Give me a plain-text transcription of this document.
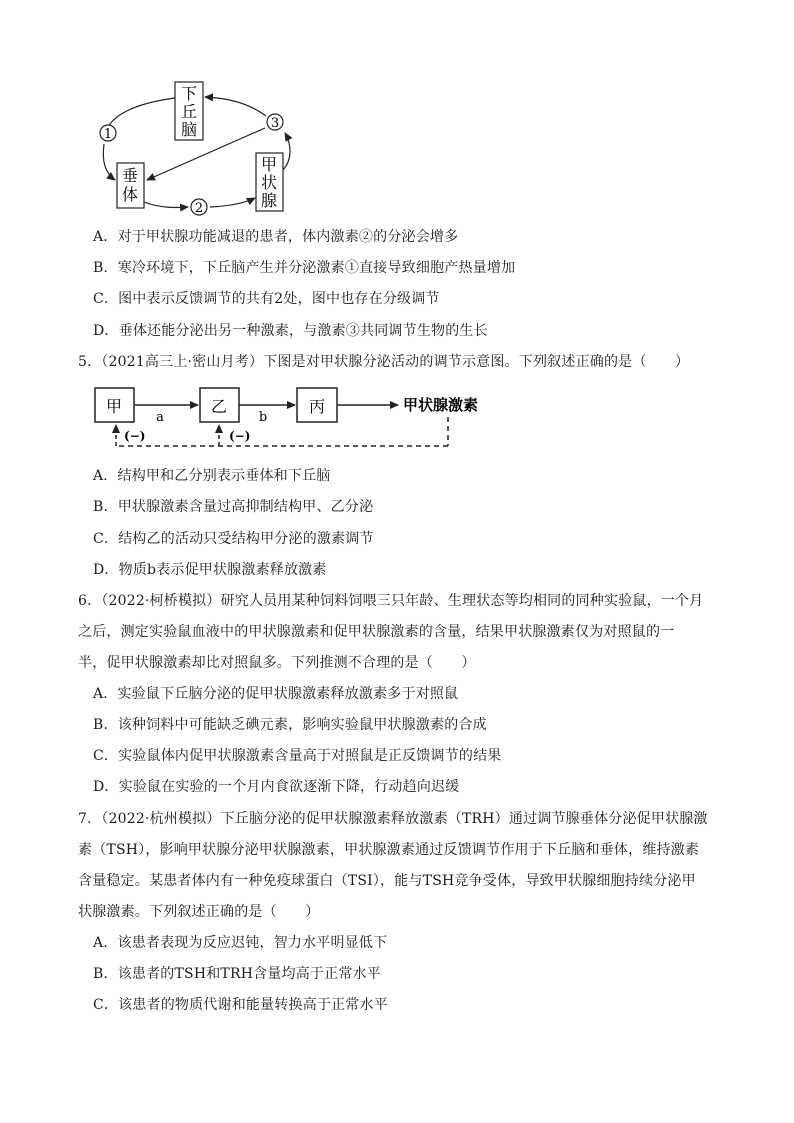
下
丘
脑
垂
体
甲
状
腺
1
2
3
A．对于甲状腺功能减退的患者，体内激素②的分泌会增多
B．寒冷环境下，下丘脑产生并分泌激素①直接导致细胞产热量增加
C．图中表示反馈调节的共有2处，图中也存在分级调节
D．垂体还能分泌出另一种激素，与激素③共同调节生物的生长
5．（2021高三上·密山月考）下图是对甲状腺分泌活动的调节示意图。下列叙述正确的是（　　）
甲	乙	丙
a	b
甲状腺激素
(−)	(−)
A．结构甲和乙分别表示垂体和下丘脑
B．甲状腺激素含量过高抑制结构甲、乙分泌
C．结构乙的活动只受结构甲分泌的激素调节
D．物质b表示促甲状腺激素释放激素
6．（2022·柯桥模拟）研究人员用某种饲料饲喂三只年龄、生理状态等均相同的同种实验鼠，一个月
之后，测定实验鼠血液中的甲状腺激素和促甲状腺激素的含量，结果甲状腺激素仅为对照鼠的一
半，促甲状腺激素却比对照鼠多。下列推测不合理的是（　　）
A．实验鼠下丘脑分泌的促甲状腺激素释放激素多于对照鼠
B．该种饲料中可能缺乏碘元素，影响实验鼠甲状腺激素的合成
C．实验鼠体内促甲状腺激素含量高于对照鼠是正反馈调节的结果
D．实验鼠在实验的一个月内食欲逐渐下降，行动趋向迟缓
7．（2022·杭州模拟）下丘脑分泌的促甲状腺激素释放激素（TRH）通过调节腺垂体分泌促甲状腺激
素（TSH），影响甲状腺分泌甲状腺激素，甲状腺激素通过反馈调节作用于下丘脑和垂体，维持激素
含量稳定。某患者体内有一种免疫球蛋白（TSI），能与TSH竞争受体，导致甲状腺细胞持续分泌甲
状腺激素。下列叙述正确的是（　　）
A．该患者表现为反应迟钝，智力水平明显低下
B．该患者的TSH和TRH含量均高于正常水平
C．该患者的物质代谢和能量转换高于正常水平
